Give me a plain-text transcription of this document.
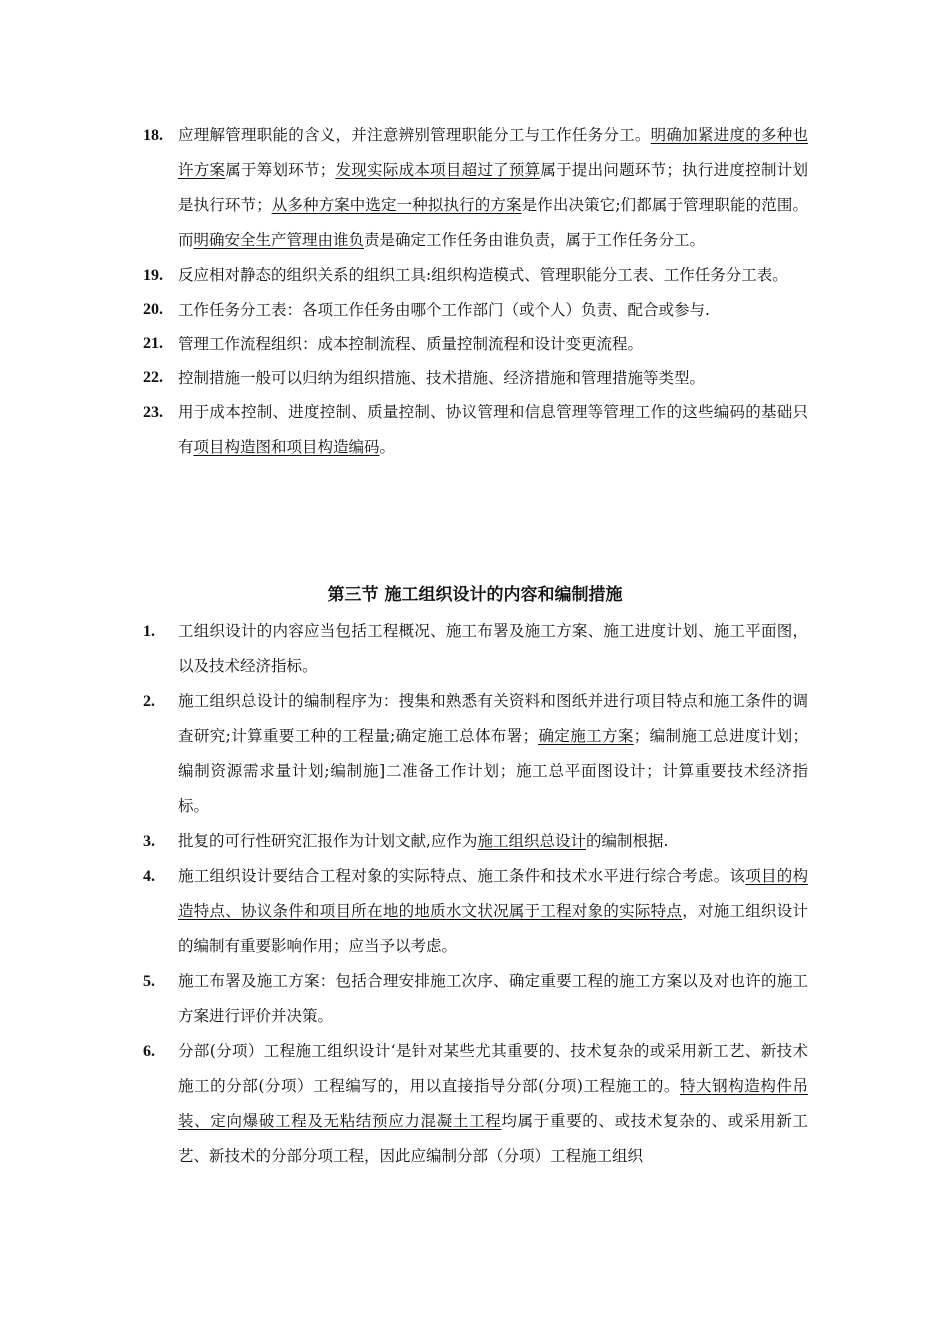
18. 应理解管理职能的含义，并注意辨别管理职能分工与工作任务分工。明确加紧进度的多种也许方案属于筹划环节；发现实际成本项目超过了预算属于提出问题环节；执行进度控制计划是执行环节；从多种方案中选定一种拟执行的方案是作出决策它;们都属于管理职能的范围。而明确安全生产管理由谁负责是确定工作任务由谁负责，属于工作任务分工。
19. 反应相对静态的组织关系的组织工具:组织构造模式、管理职能分工表、工作任务分工表。
20. 工作任务分工表：各项工作任务由哪个工作部门（或个人）负责、配合或参与.
21. 管理工作流程组织：成本控制流程、质量控制流程和设计变更流程。
22. 控制措施一般可以归纳为组织措施、技术措施、经济措施和管理措施等类型。
23. 用于成本控制、进度控制、质量控制、协议管理和信息管理等管理工作的这些编码的基础只有项目构造图和项目构造编码。
第三节 施工组织设计的内容和编制措施
1. 工组织设计的内容应当包括工程概况、施工布署及施工方案、施工进度计划、施工平面图，以及技术经济指标。
2. 施工组织总设计的编制程序为：搜集和熟悉有关资料和图纸并进行项目特点和施工条件的调查研究;计算重要工种的工程量;确定施工总体布署；确定施工方案；编制施工总进度计划；编制资源需求量计划;编制施]二准备工作计划；施工总平面图设计；计算重要技术经济指标。
3. 批复的可行性研究汇报作为计划文献,应作为施工组织总设计的编制根据.
4. 施工组织设计要结合工程对象的实际特点、施工条件和技术水平进行综合考虑。该项目的构造特点、协议条件和项目所在地的地质水文状况属于工程对象的实际特点，对施工组织设计的编制有重要影响作用；应当予以考虑。
5. 施工布署及施工方案：包括合理安排施工次序、确定重要工程的施工方案以及对也许的施工方案进行评价并决策。
6. 分部(分项）工程施工组织设计‘是针对某些尤其重要的、技术复杂的或采用新工艺、新技术施工的分部(分项）工程编写的，用以直接指导分部(分项)工程施工的。特大钢构造构件吊装、定向爆破工程及无粘结预应力混凝土工程均属于重要的、或技术复杂的、或采用新工艺、新技术的分部分项工程，因此应编制分部（分项）工程施工组织
